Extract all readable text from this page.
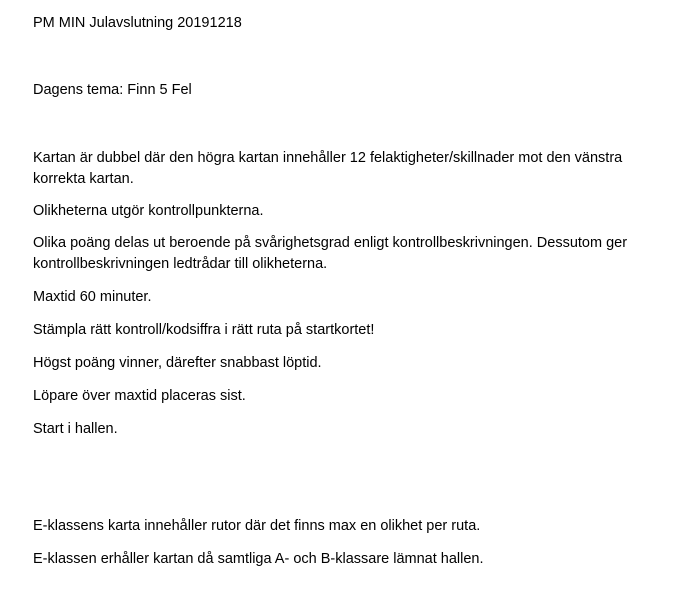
PM MIN Julavslutning 20191218
Dagens tema: Finn 5 Fel
Kartan är dubbel där den högra kartan innehåller 12 felaktigheter/skillnader mot den vänstra korrekta kartan.
Olikheterna utgör kontrollpunkterna.
Olika poäng delas ut beroende på svårighetsgrad enligt kontrollbeskrivningen. Dessutom ger kontrollbeskrivningen ledtrådar till olikheterna.
Maxtid 60 minuter.
Stämpla rätt kontroll/kodsiffra i rätt ruta på startkortet!
Högst poäng vinner, därefter snabbast löptid.
Löpare över maxtid placeras sist.
Start i hallen.
E-klassens karta innehåller rutor där det finns max en olikhet per ruta.
E-klassen erhåller kartan då samtliga A- och B-klassare lämnat hallen.
